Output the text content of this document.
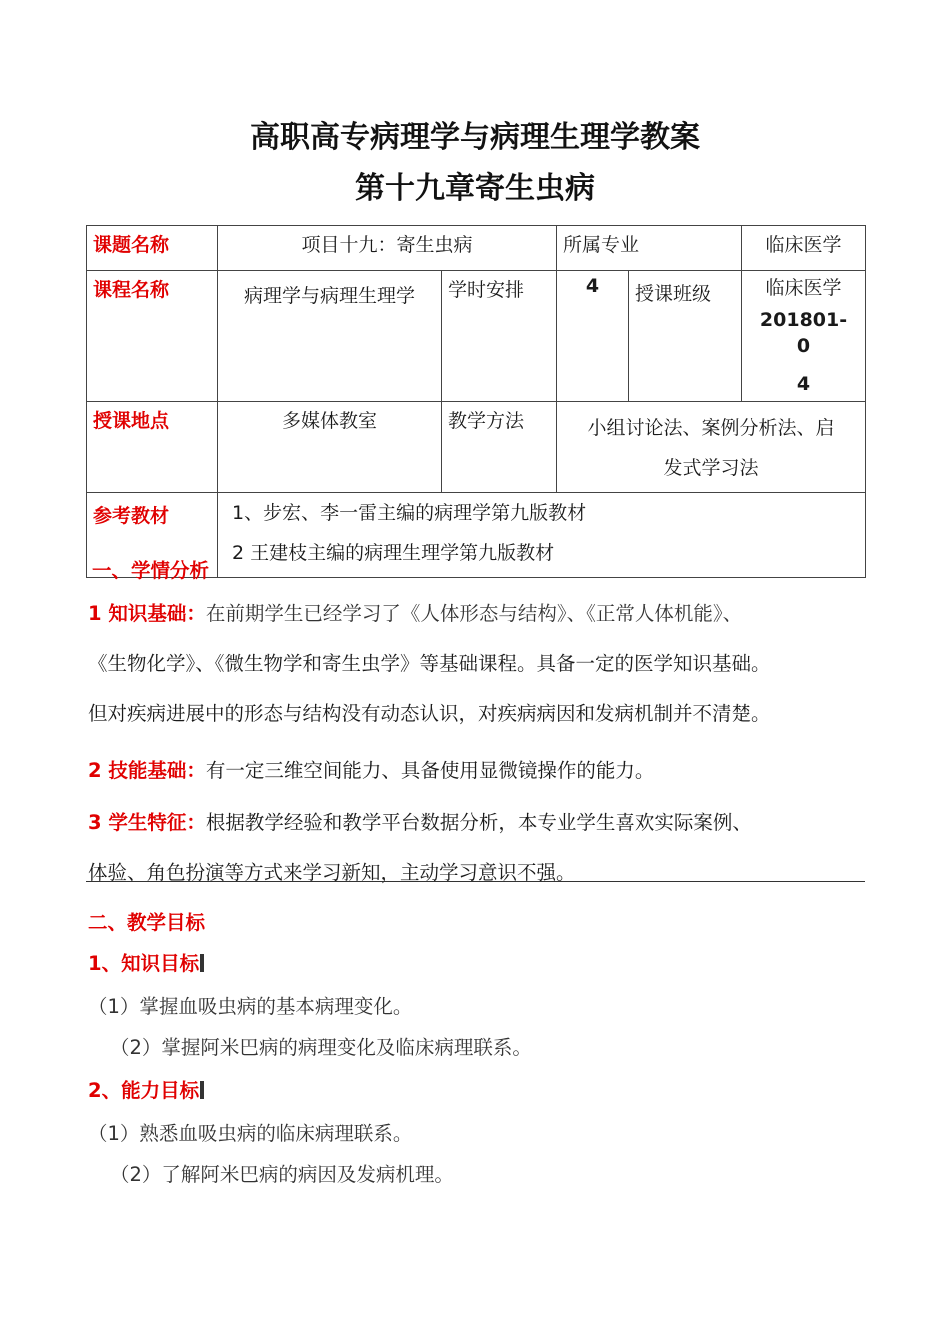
高职高专病理学与病理生理学教案
第十九章寄生虫病
课题名称	项目十九：寄生虫病		所属专业		临床医学
课程名称	病理学与病理生理学	学时安排	4	授课班级	临床医学
201801-
0
4

授课地点	多媒体教室	教学方法	小组讨论法、案例分析法、启
发式学习法		

参考教材	1、步宏、李一雷主编的病理学第九版教材
2 王建枝主编的病理生理学第九版教材				
一、学情分析
1 知识基础：在前期学生已经学习了《人体形态与结构》、《正常人体机能》、
《生物化学》、《微生物学和寄生虫学》等基础课程。具备一定的医学知识基础。
但对疾病进展中的形态与结构没有动态认识，对疾病病因和发病机制并不清楚。
2 技能基础：有一定三维空间能力、具备使用显微镜操作的能力。
3 学生特征：根据教学经验和教学平台数据分析，本专业学生喜欢实际案例、
体验、角色扮演等方式来学习新知，主动学习意识不强。
二、教学目标
1、知识目标
（1）掌握血吸虫病的基本病理变化。
（2）掌握阿米巴病的病理变化及临床病理联系。
2、能力目标
（1）熟悉血吸虫病的临床病理联系。
（2）了解阿米巴病的病因及发病机理。
